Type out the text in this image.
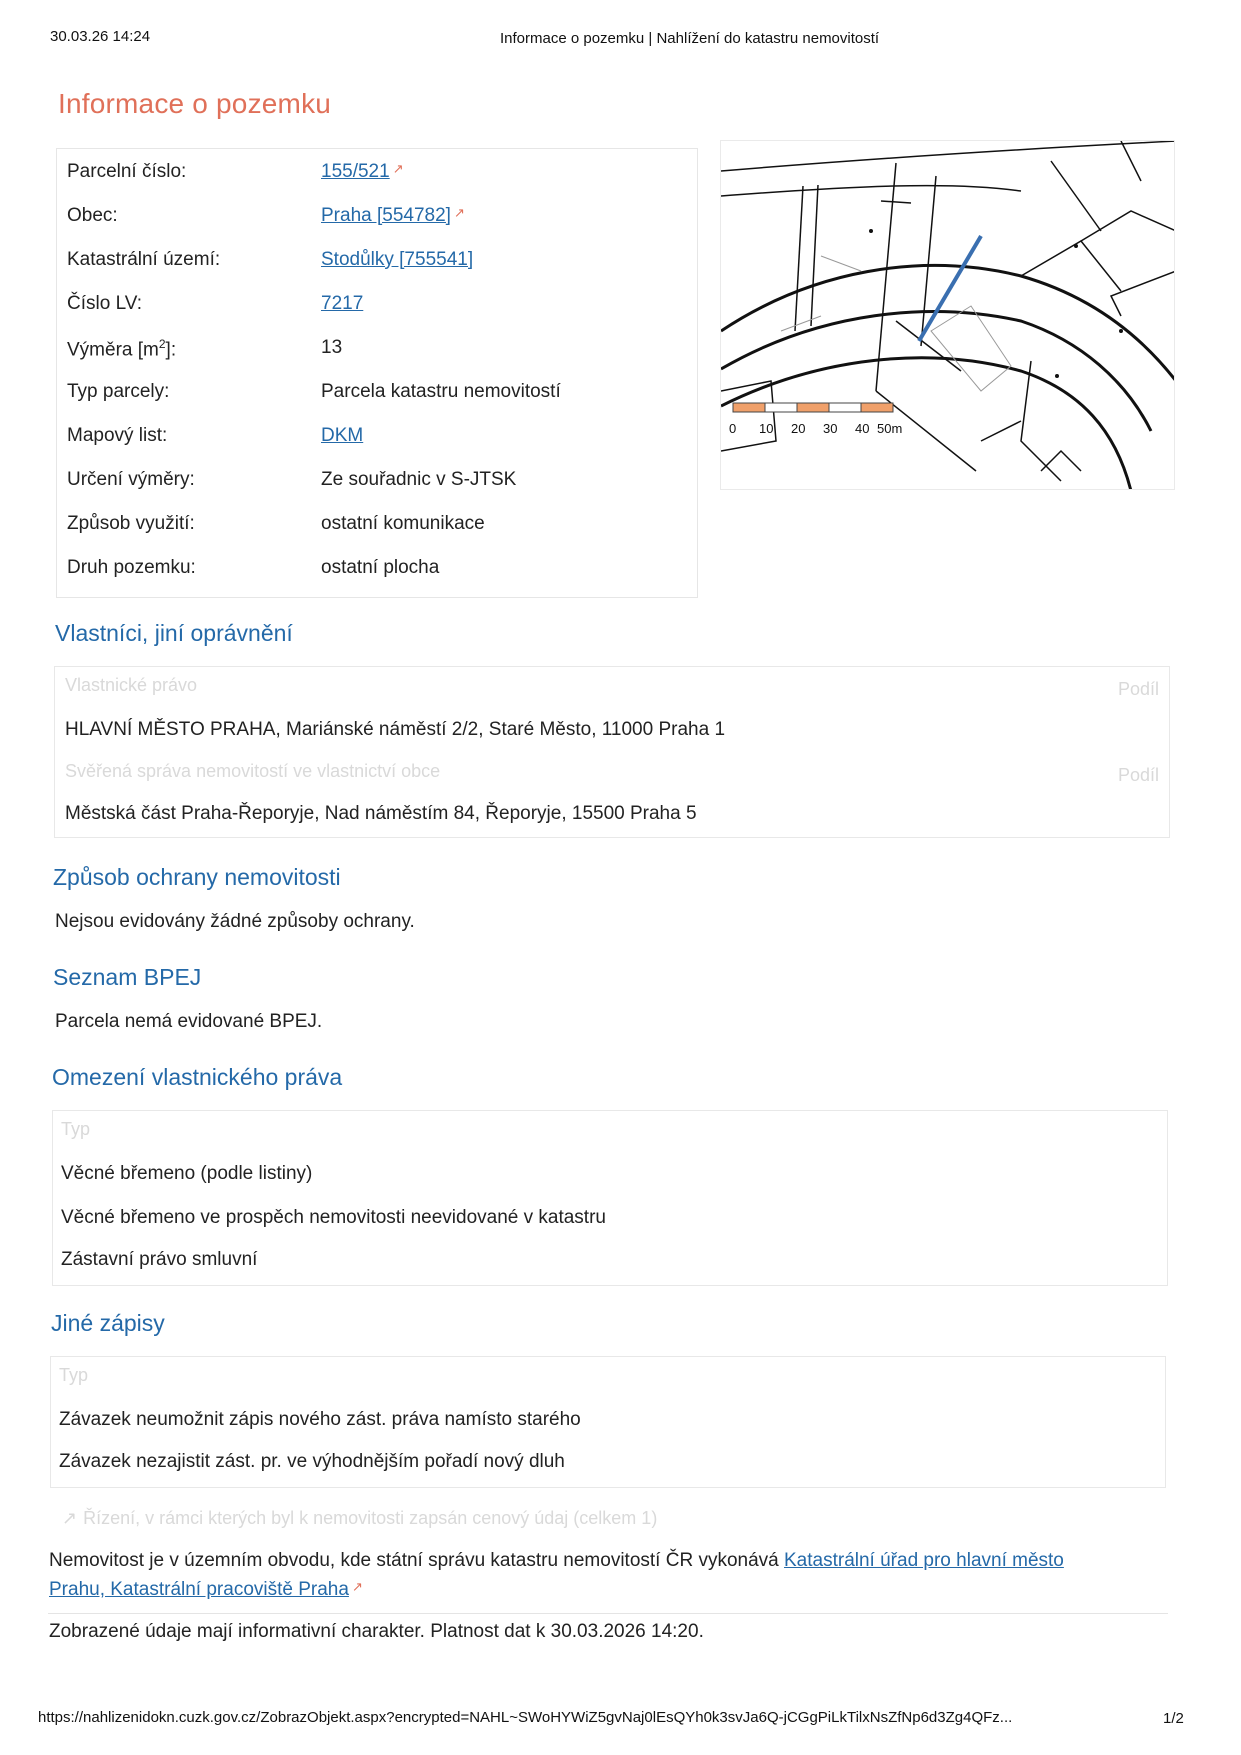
30.03.26 14:24	Informace o pozemku | Nahlížení do katastru nemovitostí
Informace o pozemku
Parcelní číslo:	155/521 ↗
Obec:	Praha [554782] ↗
Katastrální území:	Stodůlky [755541]
Číslo LV:	7217
Výměra $[m^2]$:	13
Typ parcely:	Parcela katastru nemovitostí
Mapový list:	DKM
Určení výměry:	Ze souřadnic v S-JTSK
Způsob využití:	ostatní komunikace
Druh pozemku:	ostatní plocha
0 10 20 30 40 50m
Vlastníci, jiní oprávnění
Vlastnické právo	Podíl
HLAVNÍ MĚSTO PRAHA, Mariánské náměstí 2/2, Staré Město, 11000 Praha 1
Svěřená správa nemovitostí ve vlastnictví obce	Podíl
Městská část Praha-Řeporyje, Nad náměstím 84, Řeporyje, 15500 Praha 5
Způsob ochrany nemovitosti
Nejsou evidovány žádné způsoby ochrany.
Seznam BPEJ
Parcela nemá evidované BPEJ.
Omezení vlastnického práva
Typ
Věcné břemeno (podle listiny)
Věcné břemeno ve prospěch nemovitosti neevidované v katastru
Zástavní právo smluvní
Jiné zápisy
Typ
Závazek neumožnit zápis nového zást. práva namísto starého
Závazek nezajistit zást. pr. ve výhodnějším pořadí nový dluh
↗ Řízení, v rámci kterých byl k nemovitosti zapsán cenový údaj (celkem 1)
Nemovitost je v územním obvodu, kde státní správu katastru nemovitostí ČR vykonává Katastrální úřad pro hlavní město
Prahu, Katastrální pracoviště Praha ↗
Zobrazené údaje mají informativní charakter. Platnost dat k 30.03.2026 14:20.
https://nahlizenidokn.cuzk.gov.cz/ZobrazObjekt.aspx?encrypted=NAHL~SWoHYWiZ5gvNaj0lEsQYh0k3svJa6Q-jCGgPiLkTilxNsZfNp6d3Zg4QFz...	1/2
